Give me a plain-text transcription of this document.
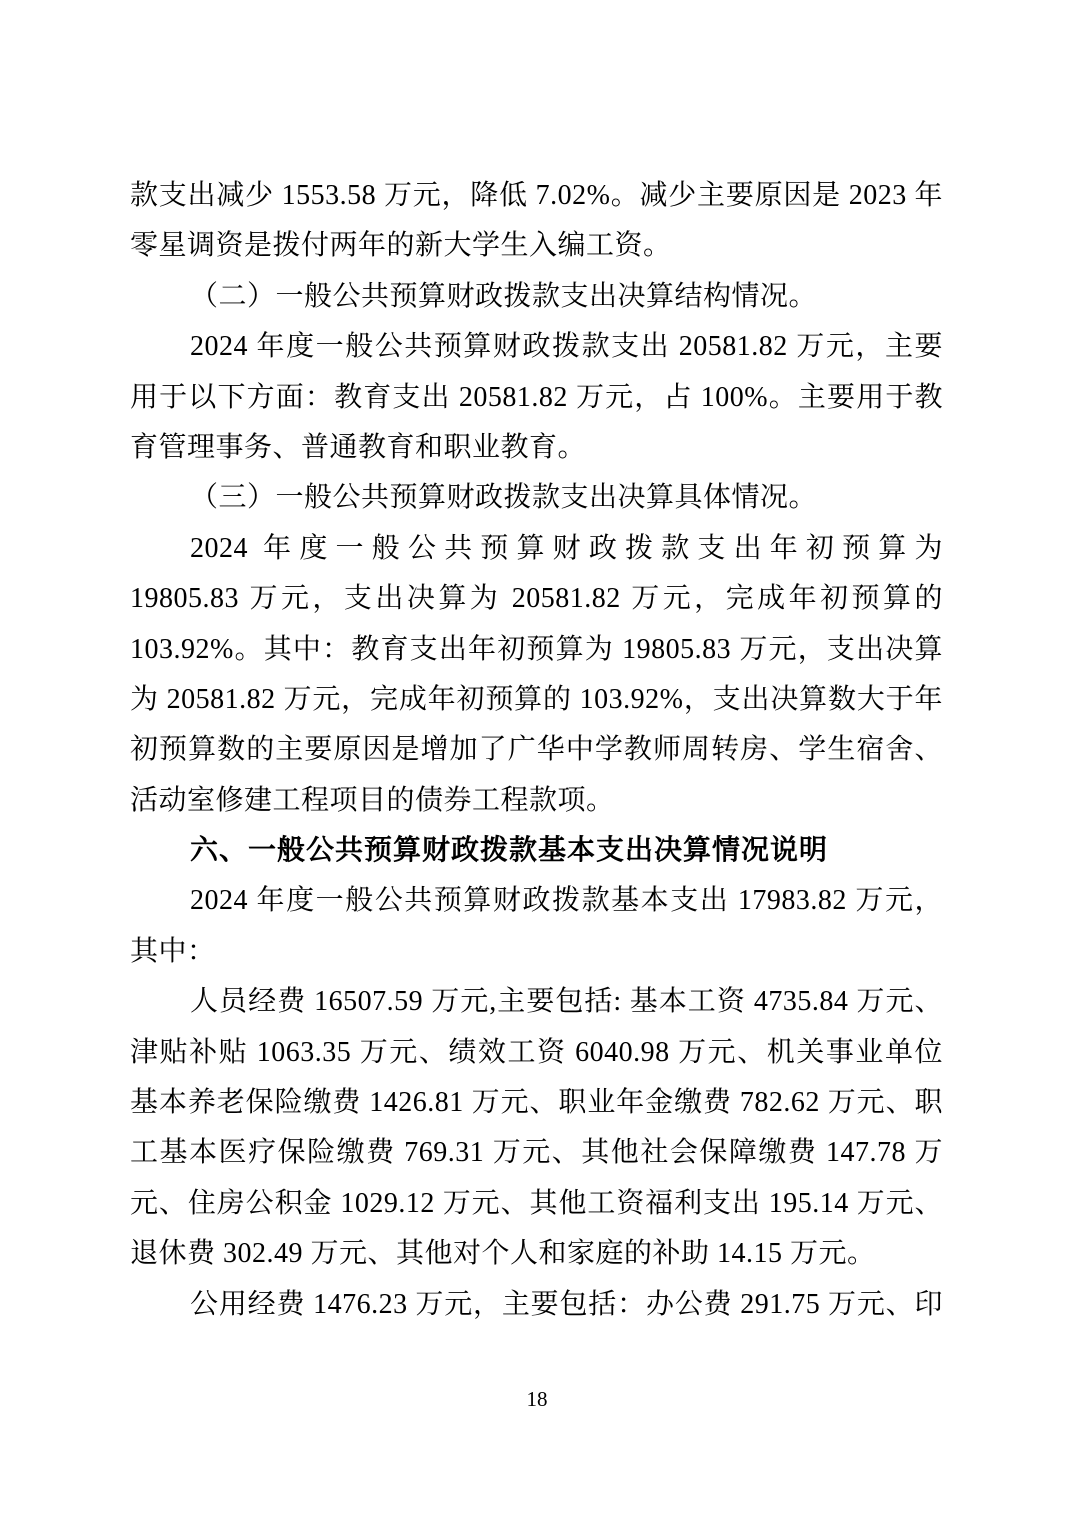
款支出减少 1553.58 万元，降低 7.02%。减少主要原因是 2023 年
零星调资是拨付两年的新大学生入编工资。
（二）一般公共预算财政拨款支出决算结构情况。
2024 年度一般公共预算财政拨款支出 20581.82 万元，主要
用于以下方面：教育支出 20581.82 万元，占 100%。主要用于教
育管理事务、普通教育和职业教育。
（三）一般公共预算财政拨款支出决算具体情况。
2024 年度一般公共预算财政拨款支出年初预算为
19805.83 万元，支出决算为 20581.82 万元，完成年初预算的
103.92%。其中：教育支出年初预算为 19805.83 万元，支出决算
为 20581.82 万元，完成年初预算的 103.92%，支出决算数大于年
初预算数的主要原因是增加了广华中学教师周转房、学生宿舍、
活动室修建工程项目的债券工程款项。
六、一般公共预算财政拨款基本支出决算情况说明
2024 年度一般公共预算财政拨款基本支出 17983.82 万元，
其中：
人员经费 16507.59 万元,主要包括: 基本工资 4735.84 万元、
津贴补贴 1063.35 万元、绩效工资 6040.98 万元、机关事业单位
基本养老保险缴费 1426.81 万元、职业年金缴费 782.62 万元、职
工基本医疗保险缴费 769.31 万元、其他社会保障缴费 147.78 万
元、住房公积金 1029.12 万元、其他工资福利支出 195.14 万元、
退休费 302.49 万元、其他对个人和家庭的补助 14.15 万元。
公用经费 1476.23 万元，主要包括：办公费 291.75 万元、印
18
